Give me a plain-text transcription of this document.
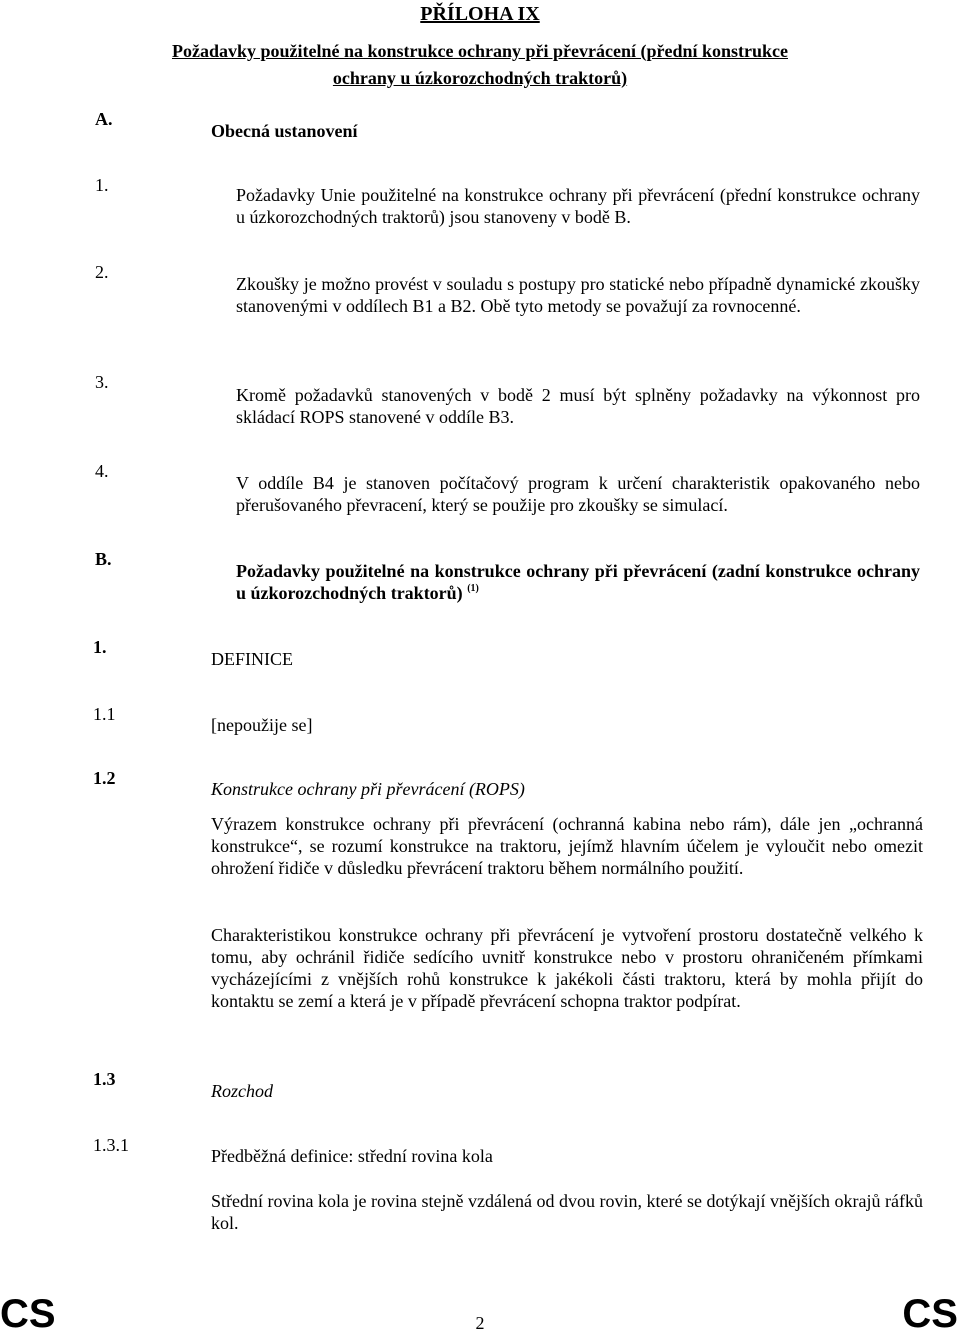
PŘÍLOHA IX
Požadavky použitelné na konstrukce ochrany při převrácení (přední konstrukce
ochrany u úzkorozchodných traktorů)
A.
Obecná ustanovení
1.	Požadavky Unie použitelné na konstrukce ochrany při převrácení (přední konstrukce ochrany u úzkorozchodných traktorů) jsou stanoveny v bodě B.
2.
Zkoušky je možno provést v souladu s postupy pro statické nebo případně dynamické zkoušky stanovenými v oddílech B1 a B2. Obě tyto metody se považují za rovnocenné.
3.
Kromě požadavků stanovených v bodě 2 musí být splněny požadavky na výkonnost pro skládací ROPS stanovené v oddíle B3.
4.
V oddíle B4 je stanoven počítačový program k určení charakteristik opakovaného nebo přerušovaného převracení, který se použije pro zkoušky se simulací.
B.
Požadavky použitelné na konstrukce ochrany při převrácení (zadní konstrukce ochrany u úzkorozchodných traktorů) $^{(1)}$
1.
DEFINICE
1.1
[nepoužije se]
1.2
Konstrukce ochrany při převrácení (ROPS)
Výrazem konstrukce ochrany při převrácení (ochranná kabina nebo rám), dále jen „ochranná konstrukce“, se rozumí konstrukce na traktoru, jejímž hlavním účelem je vyloučit nebo omezit ohrožení řidiče v důsledku převrácení traktoru během normálního použití.
Charakteristikou konstrukce ochrany při převrácení je vytvoření prostoru dostatečně velkého k tomu, aby ochránil řidiče sedícího uvnitř konstrukce nebo v prostoru ohraničeném přímkami vycházejícími z vnějších rohů konstrukce k jakékoli části traktoru, která by mohla přijít do kontaktu se zemí a která je v případě převrácení schopna traktor podpírat.
1.3
Rozchod
1.3.1
Předběžná definice: střední rovina kola
Střední rovina kola je rovina stejně vzdálená od dvou rovin, které se dotýkají vnějších okrajů ráfků kol.
CS	2	CS
